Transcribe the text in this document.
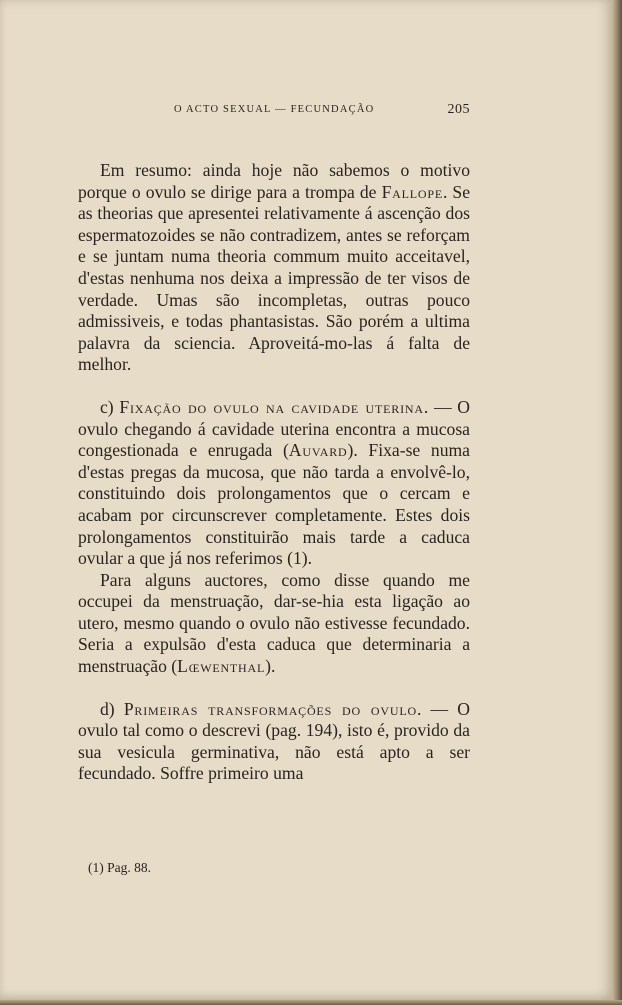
O ACTO SEXUAL — FECUNDAÇÃO	205

Em resumo: ainda hoje não sabemos o motivo porque o ovulo se dirige para a trompa de Fallope. Se as theorias que apresentei relativamente á ascenção dos espermatozoides se não contradizem, antes se reforçam e se juntam numa theoria commum muito acceitavel, d'estas nenhuma nos deixa a impressão de ter visos de verdade. Umas são incompletas, outras pouco admissiveis, e todas phantasistas. São porém a ultima palavra da sciencia. Aproveitá-mo-las á falta de melhor.

c) Fixação do ovulo na cavidade uterina. — O ovulo chegando á cavidade uterina encontra a mucosa congestionada e enrugada (Auvard). Fixa-se numa d'estas pregas da mucosa, que não tarda a envolvê-lo, constituindo dois prolongamentos que o cercam e acabam por circunscrever completamente. Estes dois prolongamentos constituirão mais tarde a caduca ovular a que já nos referimos (1).

Para alguns auctores, como disse quando me occupei da menstruação, dar-se-hia esta ligação ao utero, mesmo quando o ovulo não estivesse fecundado. Seria a expulsão d'esta caduca que determinaria a menstruação (Lœwenthal).

d) Primeiras transformações do ovulo. — O ovulo tal como o descrevi (pag. 194), isto é, provido da sua vesicula germinativa, não está apto a ser fecundado. Soffre primeiro uma

(1) Pag. 88.
